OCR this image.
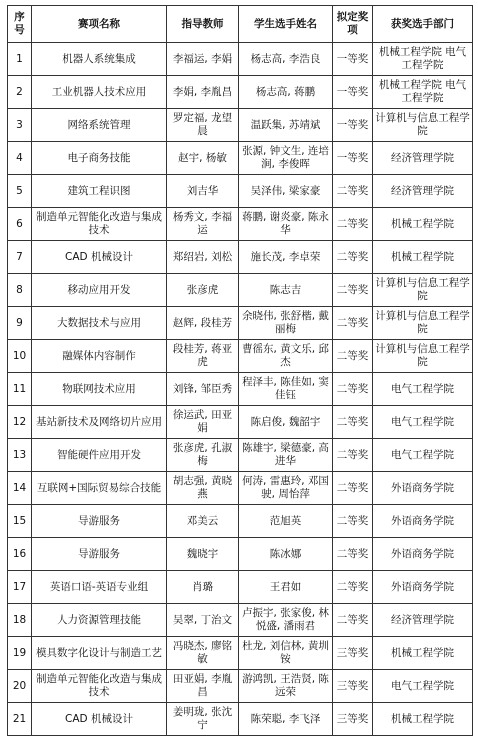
序号	赛项名称	指导教师	学生选手姓名	拟定奖项	获奖选手部门
1	机器人系统集成	李福运, 李娟	杨志高, 李浩良	一等奖	机械工程学院 电气工程学院
2	工业机器人技术应用	李娟, 李胤昌	杨志高, 蒋鹏	一等奖	机械工程学院 电气工程学院
3	网络系统管理	罗定福, 龙望晨	温跃集, 苏靖斌	一等奖	计算机与信息工程学院
4	电子商务技能	赵宇, 杨敏	张源, 钟文生, 连培涧, 李俊晖	一等奖	经济管理学院
5	建筑工程识图	刘吉华	吴泽伟, 梁家豪	二等奖	经济管理学院
6	制造单元智能化改造与集成技术	杨秀文, 李福运	蒋鹏, 谢炎豪, 陈永华	二等奖	机械工程学院
7	CAD 机械设计	郑绍岩, 刘松	施长茂, 李卓荣	二等奖	机械工程学院
8	移动应用开发	张彦虎	陈志吉	二等奖	计算机与信息工程学院
9	大数据技术与应用	赵辉, 段桂芳	余晓伟, 张舒楷, 戴丽梅	二等奖	计算机与信息工程学院
10	融媒体内容制作	段桂芳, 蒋亚虎	曹徭东, 黄文乐, 邱杰	二等奖	计算机与信息工程学院
11	物联网技术应用	刘锋, 邹臣秀	程泽丰, 陈佳如, 窦佳钰	二等奖	电气工程学院
12	基站新技术及网络切片应用	徐运武, 田亚娟	陈启俊, 魏韶宇	二等奖	电气工程学院
13	智能硬件应用开发	张彦虎, 孔淑梅	陈雄宇, 梁德豪, 高进华	二等奖	电气工程学院
14	互联网+国际贸易综合技能	胡志强, 黄晓燕	何涛, 雷惠玲, 邓国驶, 周怡萍	二等奖	外语商务学院
15	导游服务	邓美云	范旭英	二等奖	外语商务学院
16	导游服务	魏晓宇	陈冰娜	二等奖	外语商务学院
17	英语口语-英语专业组	肖璐	王君如	二等奖	外语商务学院
18	人力资源管理技能	吴翠, 丁治文	卢振宇, 张家俊, 林悦盛, 潘雨君	二等奖	经济管理学院
19	模具数字化设计与制造工艺	冯晓杰, 廖铭敏	杜龙, 刘信林, 黄圳铵	三等奖	机械工程学院
20	制造单元智能化改造与集成技术	田亚娟, 李胤昌	游鸿凯, 王浩贤, 陈远荣	三等奖	电气工程学院
21	CAD 机械设计	姜明珑, 张沈宁	陈荣聪, 李飞泽	三等奖	机械工程学院
